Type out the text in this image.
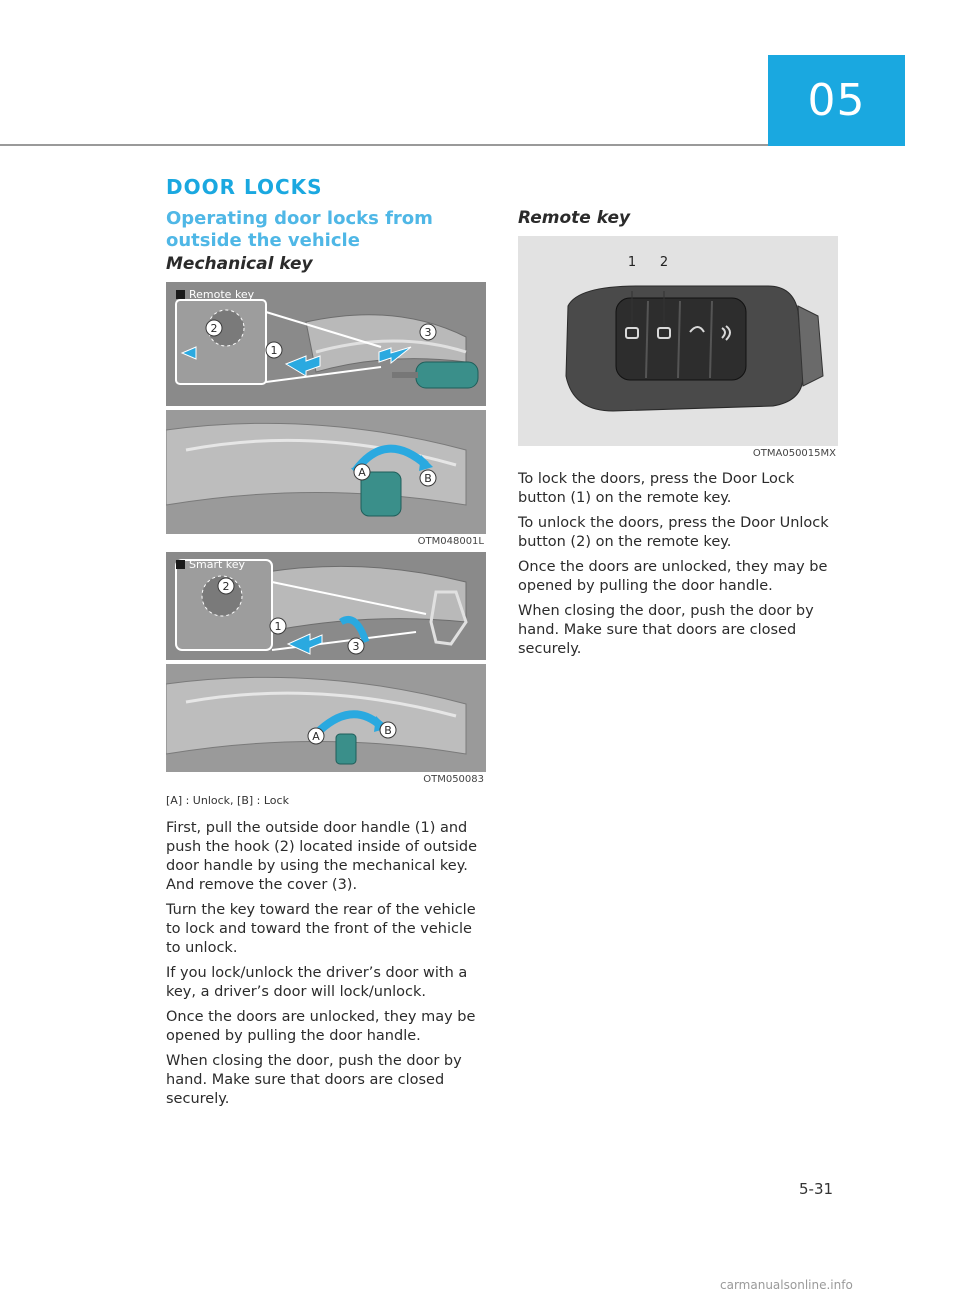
05
DOOR LOCKS
Operating door locks from outside the vehicle
Mechanical key
1
2	3
Remote key
A	B
OTM048001L
1
2
3
Smart key
A	B
OTM050083
[A] : Unlock, [B] : Lock

First, pull the outside door handle (1) and push the hook (2) located inside of outside door handle by using the mechanical key. And remove the cover (3).

Turn the key toward the rear of the vehicle to lock and toward the front of the vehicle to unlock.

If you lock/unlock the driver’s door with a key, a driver’s door will lock/unlock.

Once the doors are unlocked, they may be opened by pulling the door handle.

When closing the door, push the door by hand. Make sure that doors are closed securely.

Remote key
1 2
OTMA050015MX

To lock the doors, press the Door Lock button (1) on the remote key.

To unlock the doors, press the Door Unlock button (2) on the remote key.

Once the doors are unlocked, they may be opened by pulling the door handle.

When closing the door, push the door by hand. Make sure that doors are closed securely.

5-31
carmanualsonline.info
